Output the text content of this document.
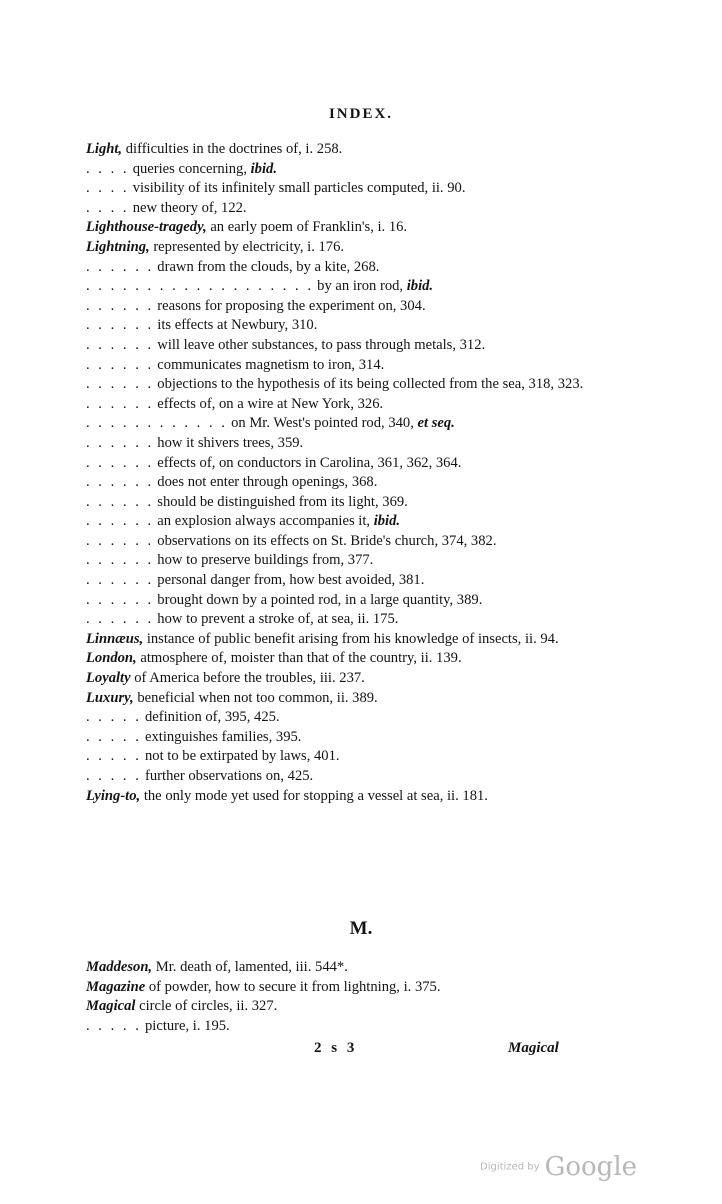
INDEX.
Light, difficulties in the doctrines of, i. 258.
. . . . queries concerning, ibid.
. . . . visibility of its infinitely small particles computed, ii. 90.
. . . . new theory of, 122.
Lighthouse-tragedy, an early poem of Franklin's, i. 16.
Lightning, represented by electricity, i. 176.
. . . . . . drawn from the clouds, by a kite, 268.
. . . . . . . . . . . . . . . . . . . by an iron rod, ibid.
. . . . . . reasons for proposing the experiment on, 304.
. . . . . . its effects at Newbury, 310.
. . . . . . will leave other substances, to pass through metals, 312.
. . . . . . communicates magnetism to iron, 314.
. . . . . . objections to the hypothesis of its being collected from the sea, 318, 323.
. . . . . . effects of, on a wire at New York, 326.
. . . . . . . . . . . . on Mr. West's pointed rod, 340, et seq.
. . . . . . how it shivers trees, 359.
. . . . . . effects of, on conductors in Carolina, 361, 362, 364.
. . . . . . does not enter through openings, 368.
. . . . . . should be distinguished from its light, 369.
. . . . . . an explosion always accompanies it, ibid.
. . . . . . observations on its effects on St. Bride's church, 374, 382.
. . . . . . how to preserve buildings from, 377.
. . . . . . personal danger from, how best avoided, 381.
. . . . . . brought down by a pointed rod, in a large quantity, 389.
. . . . . . how to prevent a stroke of, at sea, ii. 175.
Linnæus, instance of public benefit arising from his knowledge of insects, ii. 94.
London, atmosphere of, moister than that of the country, ii. 139.
Loyalty of America before the troubles, iii. 237.
Luxury, beneficial when not too common, ii. 389.
. . . . . definition of, 395, 425.
. . . . . extinguishes families, 395.
. . . . . not to be extirpated by laws, 401.
. . . . . further observations on, 425.
Lying-to, the only mode yet used for stopping a vessel at sea, ii. 181.
M.
Maddeson, Mr. death of, lamented, iii. 544*.
Magazine of powder, how to secure it from lightning, i. 375.
Magical circle of circles, ii. 327.
. . . . . picture, i. 195.
2 s 3	Magical
Digitized by Google
